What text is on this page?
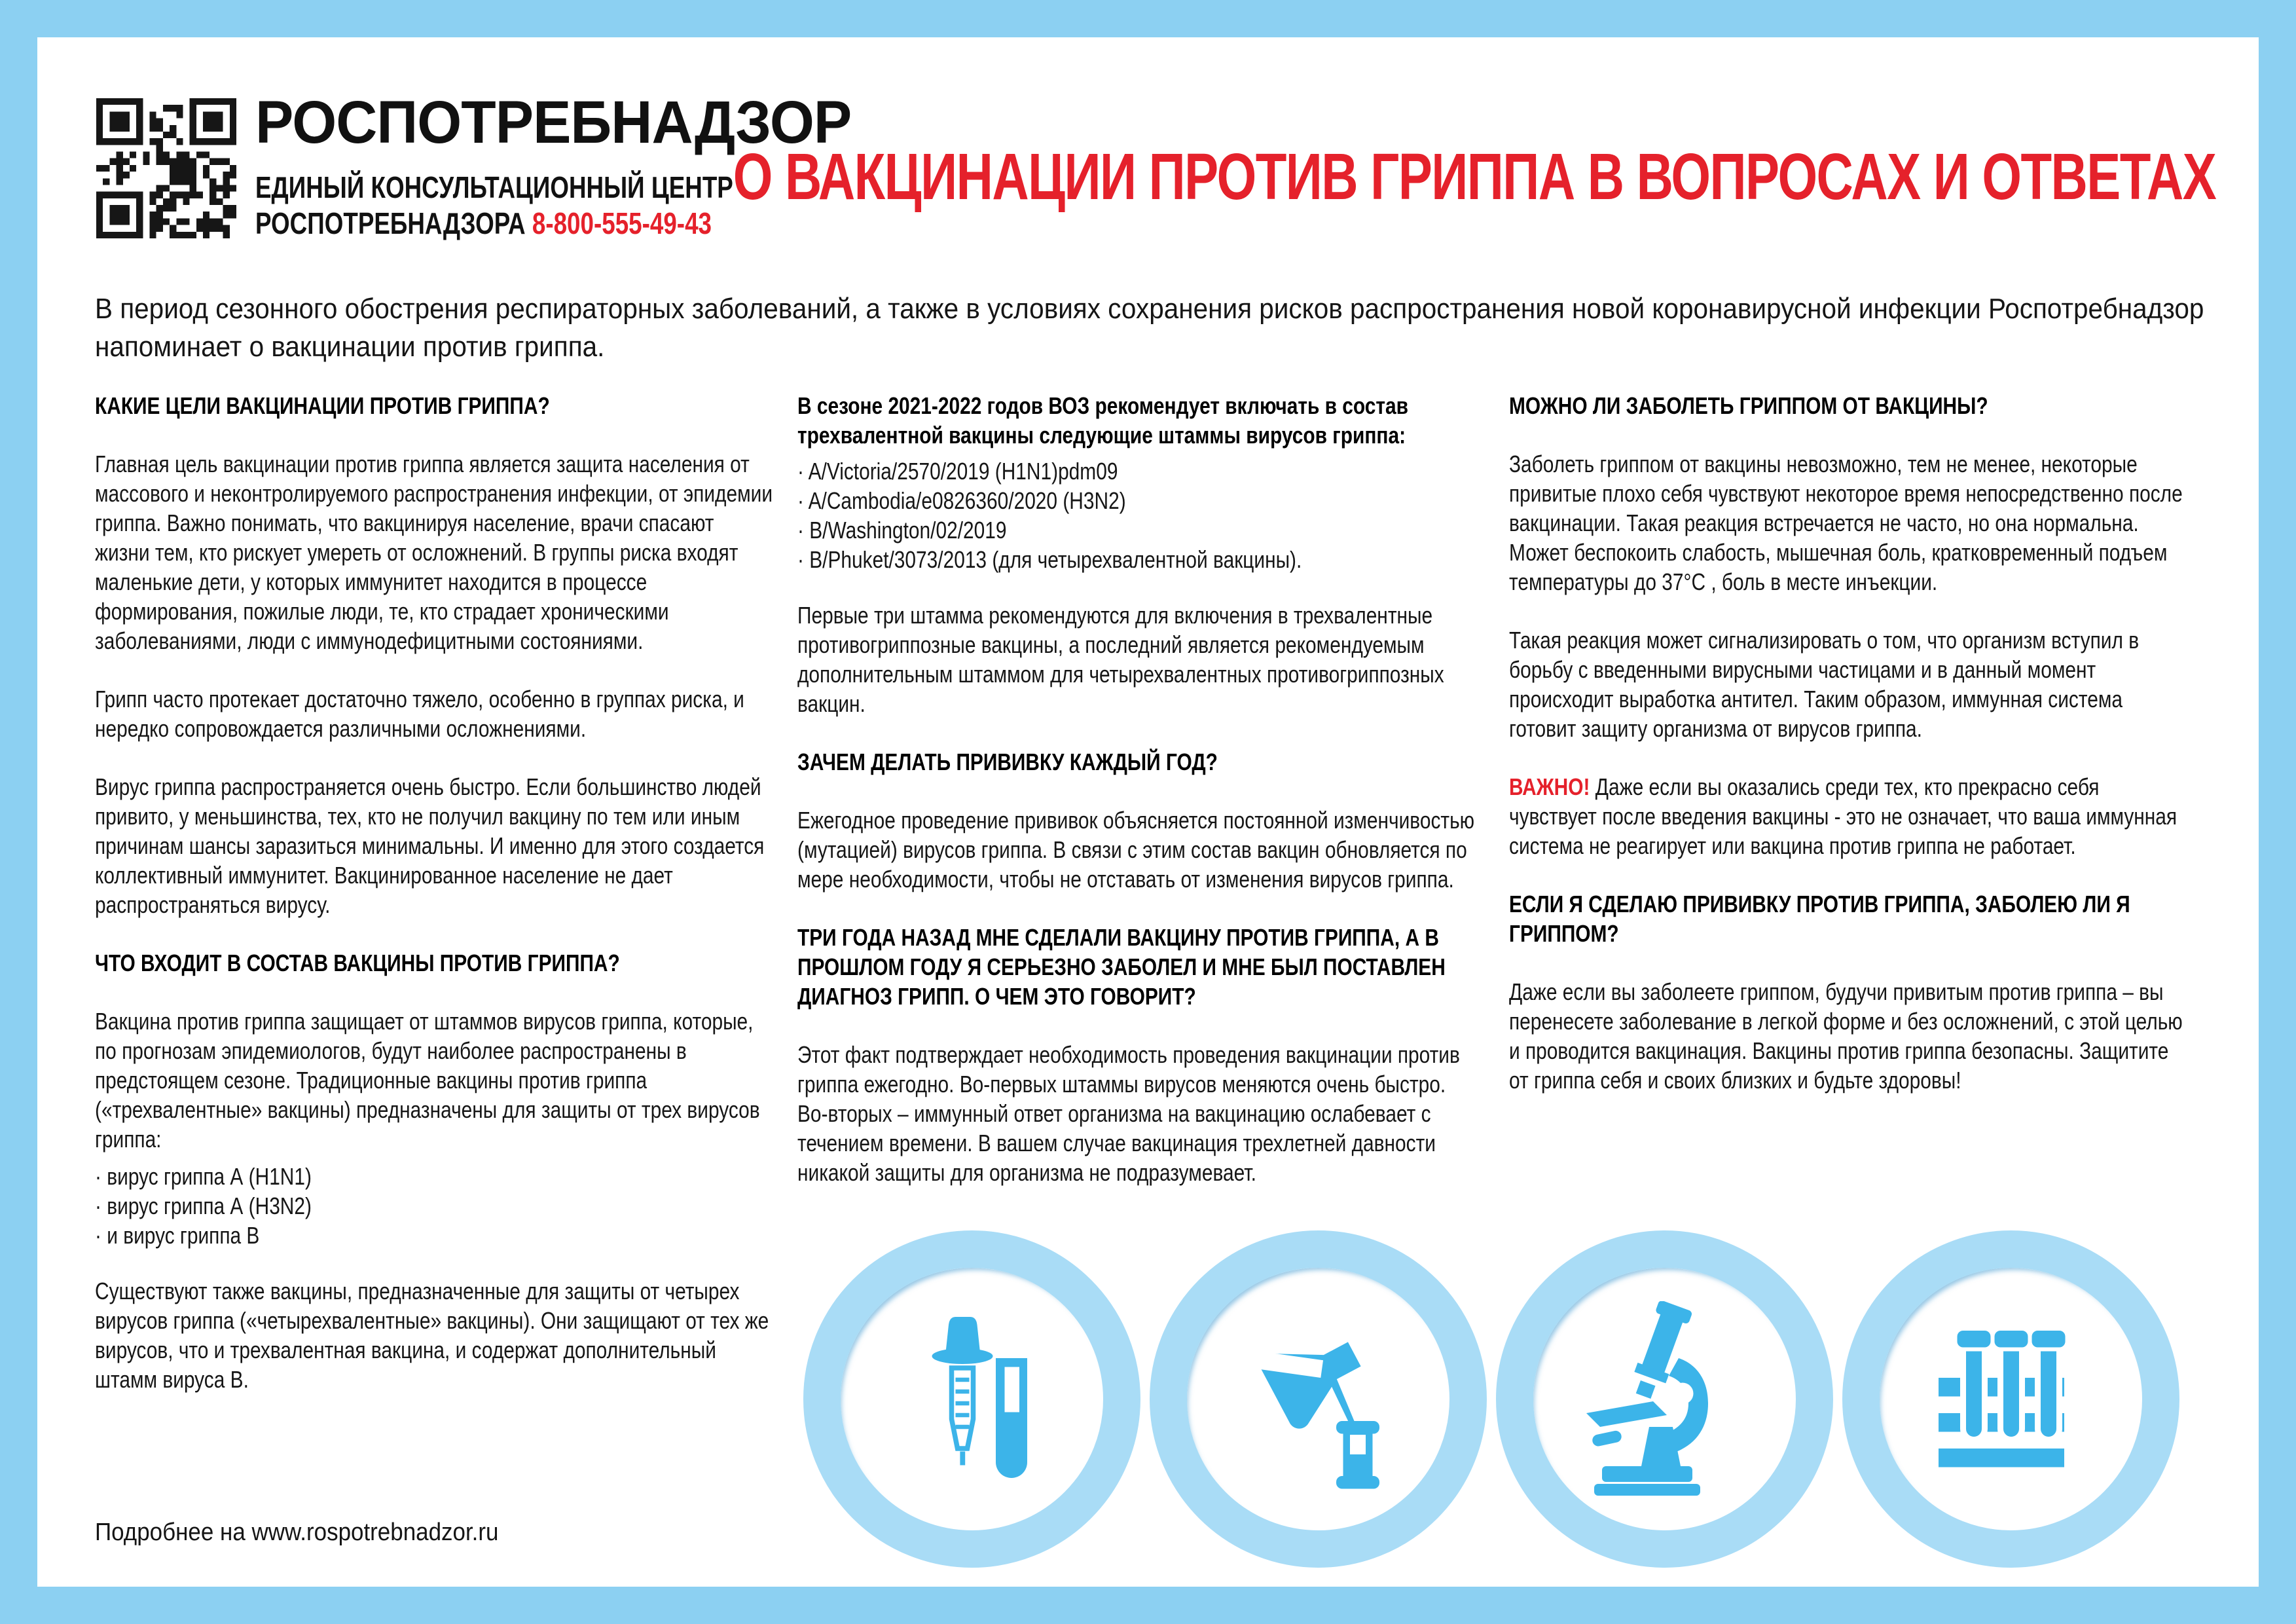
РОСПОТРЕБНАДЗОР
ЕДИНЫЙ КОНСУЛЬТАЦИОННЫЙ ЦЕНТР
РОСПОТРЕБНАДЗОРА 8-800-555-49-43
О ВАКЦИНАЦИИ ПРОТИВ ГРИППА В ВОПРОСАХ И ОТВЕТАХ
В период сезонного обострения респираторных заболеваний, а также в условиях сохранения рисков распространения новой коронавирусной инфекции Роспотребнадзор
напоминает о вакцинации против гриппа.

КАКИЕ ЦЕЛИ ВАКЦИНАЦИИ ПРОТИВ ГРИППА?

Главная цель вакцинации против гриппа является защита населения от массового и неконтролируемого распространения инфекции, от эпидемии гриппа. Важно понимать, что вакцинируя население, врачи спасают жизни тем, кто рискует умереть от осложнений. В группы риска входят маленькие дети, у которых иммунитет находится в процессе формирования, пожилые люди, те, кто страдает хроническими заболеваниями, люди с иммунодефицитными состояниями.

Грипп часто протекает достаточно тяжело, особенно в группах риска, и нередко сопровождается различными осложнениями.

Вирус гриппа распространяется очень быстро. Если большинство людей привито, у меньшинства, тех, кто не получил вакцину по тем или иным причинам шансы заразиться минимальны. И именно для этого создается коллективный иммунитет. Вакцинированное население не дает распространяться вирусу.

ЧТО ВХОДИТ В СОСТАВ ВАКЦИНЫ ПРОТИВ ГРИППА?

Вакцина против гриппа защищает от штаммов вирусов гриппа, которые, по прогнозам эпидемиологов, будут наиболее распространены в предстоящем сезоне. Традиционные вакцины против гриппа («трехвалентные» вакцины) предназначены для защиты от трех вирусов гриппа:

· вирус гриппа А (H1N1)

· вирус гриппа А (H3N2)

· и вирус гриппа В

Существуют также вакцины, предназначенные для защиты от четырех вирусов гриппа («четырехвалентные» вакцины). Они защищают от тех же вирусов, что и трехвалентная вакцина, и содержат дополнительный штамм вируса В.

В сезоне 2021-2022 годов ВОЗ рекомендует включать в состав трехвалентной вакцины следующие штаммы вирусов гриппа:

· A/Victoria/2570/2019 (H1N1)pdm09

· A/Cambodia/e0826360/2020 (H3N2)

· B/Washington/02/2019

· B/Phuket/3073/2013 (для четырехвалентной вакцины).

Первые три штамма рекомендуются для включения в трехвалентные противогриппозные вакцины, а последний является рекомендуемым дополнительным штаммом для четырехвалентных противогриппозных вакцин.

ЗАЧЕМ ДЕЛАТЬ ПРИВИВКУ КАЖДЫЙ ГОД?

Ежегодное проведение прививок объясняется постоянной изменчивостью (мутацией) вирусов гриппа. В связи с этим состав вакцин обновляется по мере необходимости, чтобы не отставать от изменения вирусов гриппа.

ТРИ ГОДА НАЗАД МНЕ СДЕЛАЛИ ВАКЦИНУ ПРОТИВ ГРИППА, А В ПРОШЛОМ ГОДУ Я СЕРЬЕЗНО ЗАБОЛЕЛ И МНЕ БЫЛ ПОСТАВЛЕН ДИАГНОЗ ГРИПП. О ЧЕМ ЭТО ГОВОРИТ?

Этот факт подтверждает необходимость проведения вакцинации против гриппа ежегодно. Во-первых штаммы вирусов меняются очень быстро. Во-вторых – иммунный ответ организма на вакцинацию ослабевает с течением времени. В вашем случае вакцинация трехлетней давности никакой защиты для организма не подразумевает.

МОЖНО ЛИ ЗАБОЛЕТЬ ГРИППОМ ОТ ВАКЦИНЫ?

Заболеть гриппом от вакцины невозможно, тем не менее, некоторые привитые плохо себя чувствуют некоторое время непосредственно после вакцинации. Такая реакция встречается не часто, но она нормальна. Может беспокоить слабость, мышечная боль, кратковременный подъем температуры до 37°С , боль в месте инъекции.

Такая реакция может сигнализировать о том, что организм вступил в борьбу с введенными вирусными частицами и в данный момент происходит выработка антител. Таким образом, иммунная система готовит защиту организма от вирусов гриппа.

ВАЖНО! Даже если вы оказались среди тех, кто прекрасно себя чувствует после введения вакцины - это не означает, что ваша иммунная система не реагирует или вакцина против гриппа не работает.

ЕСЛИ Я СДЕЛАЮ ПРИВИВКУ ПРОТИВ ГРИППА, ЗАБОЛЕЮ ЛИ Я ГРИППОМ?

Даже если вы заболеете гриппом, будучи привитым против гриппа – вы перенесете заболевание в легкой форме и без осложнений, с этой целью и проводится вакцинация. Вакцины против гриппа безопасны. Защитите от гриппа себя и своих близких и будьте здоровы!

Подробнее на www.rospotrebnadzor.ru
